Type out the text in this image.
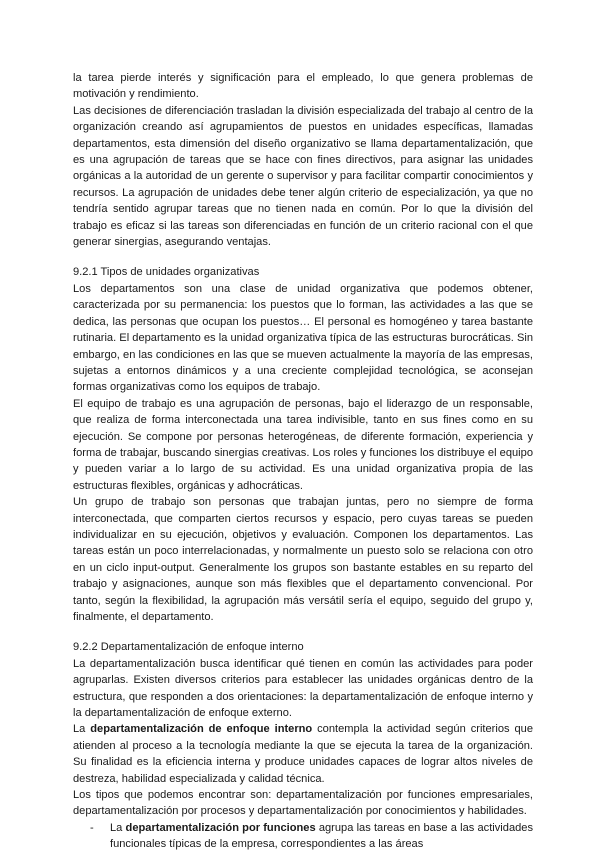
la tarea pierde interés y significación para el empleado, lo que genera problemas de motivación y rendimiento.

Las decisiones de diferenciación trasladan la división especializada del trabajo al centro de la organización creando así agrupamientos de puestos en unidades específicas, llamadas departamentos, esta dimensión del diseño organizativo se llama departamentalización, que es una agrupación de tareas que se hace con fines directivos, para asignar las unidades orgánicas a la autoridad de un gerente o supervisor y para facilitar compartir conocimientos y recursos. La agrupación de unidades debe tener algún criterio de especialización, ya que no tendría sentido agrupar tareas que no tienen nada en común. Por lo que la división del trabajo es eficaz si las tareas son diferenciadas en función de un criterio racional con el que generar sinergias, asegurando ventajas.

9.2.1 Tipos de unidades organizativas

Los departamentos son una clase de unidad organizativa que podemos obtener, caracterizada por su permanencia: los puestos que lo forman, las actividades a las que se dedica, las personas que ocupan los puestos… El personal es homogéneo y tarea bastante rutinaria. El departamento es la unidad organizativa típica de las estructuras burocráticas. Sin embargo, en las condiciones en las que se mueven actualmente la mayoría de las empresas, sujetas a entornos dinámicos y a una creciente complejidad tecnológica, se aconsejan formas organizativas como los equipos de trabajo.

El equipo de trabajo es una agrupación de personas, bajo el liderazgo de un responsable, que realiza de forma interconectada una tarea indivisible, tanto en sus fines como en su ejecución. Se compone por personas heterogéneas, de diferente formación, experiencia y forma de trabajar, buscando sinergias creativas. Los roles y funciones los distribuye el equipo y pueden variar a lo largo de su actividad. Es una unidad organizativa propia de las estructuras flexibles, orgánicas y adhocráticas.

Un grupo de trabajo son personas que trabajan juntas, pero no siempre de forma interconectada, que comparten ciertos recursos y espacio, pero cuyas tareas se pueden individualizar en su ejecución, objetivos y evaluación. Componen los departamentos. Las tareas están un poco interrelacionadas, y normalmente un puesto solo se relaciona con otro en un ciclo input-output. Generalmente los grupos son bastante estables en su reparto del trabajo y asignaciones, aunque son más flexibles que el departamento convencional. Por tanto, según la flexibilidad, la agrupación más versátil sería el equipo, seguido del grupo y, finalmente, el departamento.

9.2.2 Departamentalización de enfoque interno

La departamentalización busca identificar qué tienen en común las actividades para poder agruparlas. Existen diversos criterios para establecer las unidades orgánicas dentro de la estructura, que responden a dos orientaciones: la departamentalización de enfoque interno y la departamentalización de enfoque externo.

La departamentalización de enfoque interno contempla la actividad según criterios que atienden al proceso a la tecnología mediante la que se ejecuta la tarea de la organización. Su finalidad es la eficiencia interna y produce unidades capaces de lograr altos niveles de destreza, habilidad especializada y calidad técnica.

Los tipos que podemos encontrar son: departamentalización por funciones empresariales, departamentalización por procesos y departamentalización por conocimientos y habilidades.

-	La departamentalización por funciones agrupa las tareas en base a las actividades funcionales típicas de la empresa, correspondientes a las áreas
